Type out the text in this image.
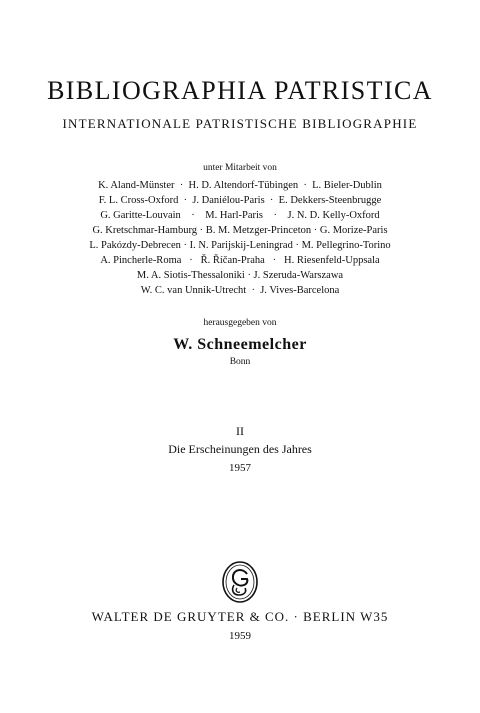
BIBLIOGRAPHIA PATRISTICA
INTERNATIONALE PATRISTISCHE BIBLIOGRAPHIE
unter Mitarbeit von
K. Aland-Münster  ·  H. D. Altendorf-Tübingen  ·  L. Bieler-Dublin
F. L. Cross-Oxford  ·  J. Daniélou-Paris  ·  E. Dekkers-Steenbrugge
G. Garitte-Louvain    ·    M. Harl-Paris    ·    J. N. D. Kelly-Oxford
G. Kretschmar-Hamburg · B. M. Metzger-Princeton · G. Morize-Paris
L. Pakózdy-Debrecen · I. N. Parijskij-Leningrad · M. Pellegrino-Torino
A. Pincherle-Roma   ·   Ř. Říčan-Praha   ·   H. Riesenfeld-Uppsala
M. A. Siotis-Thessaloniki · J. Szeruda-Warszawa
W. C. van Unnik-Utrecht  ·  J. Vives-Barcelona
herausgegeben von
W. Schneemelcher
Bonn
II
Die Erscheinungen des Jahres
1957
WALTER DE GRUYTER & CO. · BERLIN W35
1959
